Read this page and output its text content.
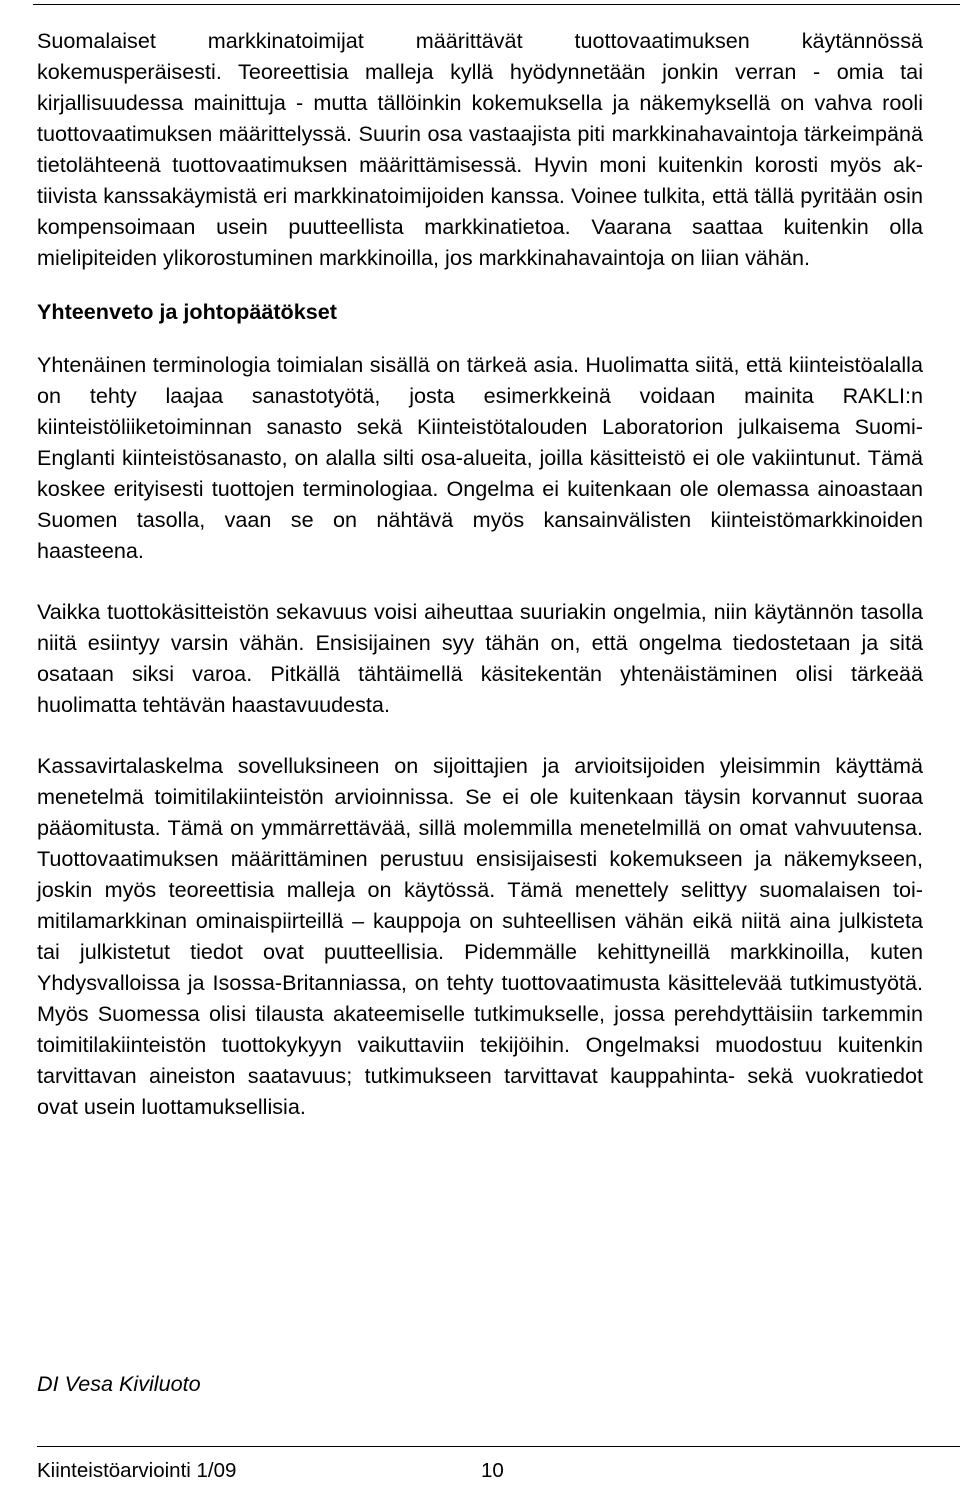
Suomalaiset markkinatoimijat määrittävät tuottovaatimuksen käytännössä kokemusperäisesti. Teoreettisia malleja kyllä hyödynnetään jonkin verran - omia tai kirjallisuudessa mainittuja - mutta tällöinkin kokemuksella ja näkemyksellä on vahva rooli tuottovaatimuksen määrittelyssä. Suurin osa vastaajista piti markkinahavaintoja tärkeimpänä tietolähteenä tuottovaatimuksen määrittämisessä. Hyvin moni kuitenkin korosti myös aktiivista kanssakäymistä eri markkinatoimijoiden kanssa. Voinee tulkita, että tällä pyritään osin kompensoimaan usein puutteellista markkinatietoa. Vaarana saattaa kuitenkin olla mielipiteiden ylikorostuminen markkinoilla, jos markkinahavaintoja on liian vähän.

Yhteenveto ja johtopäätökset

Yhtenäinen terminologia toimialan sisällä on tärkeä asia. Huolimatta siitä, että kiinteistöalalla on tehty laajaa sanastotyötä, josta esimerkkeinä voidaan mainita RAKLI:n kiinteistöliiketoiminnan sanasto sekä Kiinteistötalouden Laboratorion julkaisema Suomi-Englanti kiinteistösanasto, on alalla silti osa-alueita, joilla käsitteistö ei ole vakiintunut. Tämä koskee erityisesti tuottojen terminologiaa. Ongelma ei kuitenkaan ole olemassa ainoastaan Suomen tasolla, vaan se on nähtävä myös kansainvälisten kiinteistömarkkinoiden haasteena.

Vaikka tuottokäsitteistön sekavuus voisi aiheuttaa suuriakin ongelmia, niin käytännön tasolla niitä esiintyy varsin vähän. Ensisijainen syy tähän on, että ongelma tiedostetaan ja sitä osataan siksi varoa. Pitkällä tähtäimellä käsitekentän yhtenäistäminen olisi tärkeää huolimatta tehtävän haastavuudesta.

Kassavirtalaskelma sovelluksineen on sijoittajien ja arvioitsijoiden yleisimmin käyttämä menetelmä toimitilakiinteistön arvioinnissa. Se ei ole kuitenkaan täysin korvannut suoraa pääomitusta. Tämä on ymmärrettävää, sillä molemmilla menetelmillä on omat vahvuutensa. Tuottovaatimuksen määrittäminen perustuu ensisijaisesti kokemukseen ja näkemykseen, joskin myös teoreettisia malleja on käytössä. Tämä menettely selittyy suomalaisen toimitilamarkkinan ominaispiirteillä – kauppoja on suhteellisen vähän eikä niitä aina julkisteta tai julkistetut tiedot ovat puutteellisia. Pidemmälle kehittyneillä markkinoilla, kuten Yhdysvalloissa ja Isossa-Britanniassa, on tehty tuottovaatimusta käsittelevää tutkimustyötä. Myös Suomessa olisi tilausta akateemiselle tutkimukselle, jossa perehdyttäisiin tarkemmin toimitilakiinteistön tuottokykyyn vaikuttaviin tekijöihin. Ongelmaksi muodostuu kuitenkin tarvittavan aineiston saatavuus; tutkimukseen tarvittavat kauppahinta- sekä vuokratiedot ovat usein luottamuksellisia.

DI Vesa Kiviluoto
Kiinteistöarviointi 1/09	10
